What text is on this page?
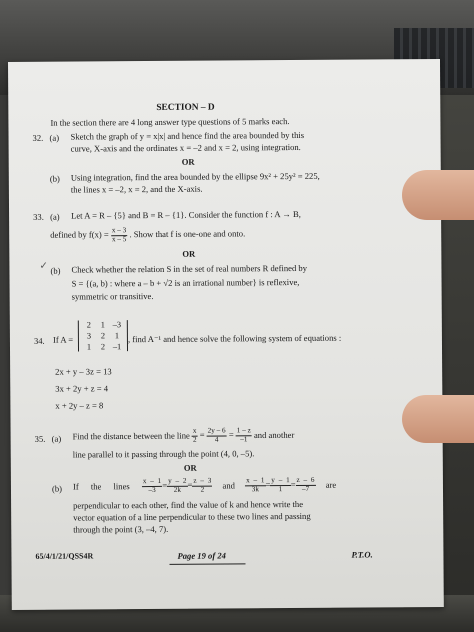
SECTION – D
In the section there are 4 long answer type questions of 5 marks each.
32. (a) Sketch the graph of y = x|x| and hence find the area bounded by this
curve, X-axis and the ordinates x = –2 and x = 2, using integration.
OR
(b) Using integration, find the area bounded by the ellipse 9x² + 25y² = 225,
the lines x = –2, x = 2, and the X-axis.
33. (a) Let A = R – {5} and B = R – {1}. Consider the function f : A → B,
defined by $f(x) = \frac{x - 3}{x - 5}$ . Show that f is one-one and onto.
OR
✓ (b) Check whether the relation S in the set of real numbers R defined by
S = {(a, b) : where a – b + √2 is an irrational number} is reflexive,
symmetric or transitive.
34. If A =
2	1 –3
3	2	1
1	2 –1
, find A⁻¹ and hence solve the following system of equations :
2x + y – 3z = 13
3x + 2y + z = 4
x + 2y – z = 8
35. (a) Find the distance between the line $\frac{x}{2} = \frac{2y - 6}{4} = \frac{1 - z}{-1}$ and another
line parallel to it passing through the point (4, 0, –5).
OR
(b) If the lines $\frac{x - 1}{-3} = \frac{y - 2}{2k} = \frac{z - 3}{2}$ and $\frac{x - 1}{3k} = \frac{y - 1}{1} = \frac{z - 6}{-7}$ are
perpendicular to each other, find the value of k and hence write the
vector equation of a line perpendicular to these two lines and passing
through the point (3, –4, 7).
65/4/1/21/QSS4R	Page 19 of 24	P.T.O.
